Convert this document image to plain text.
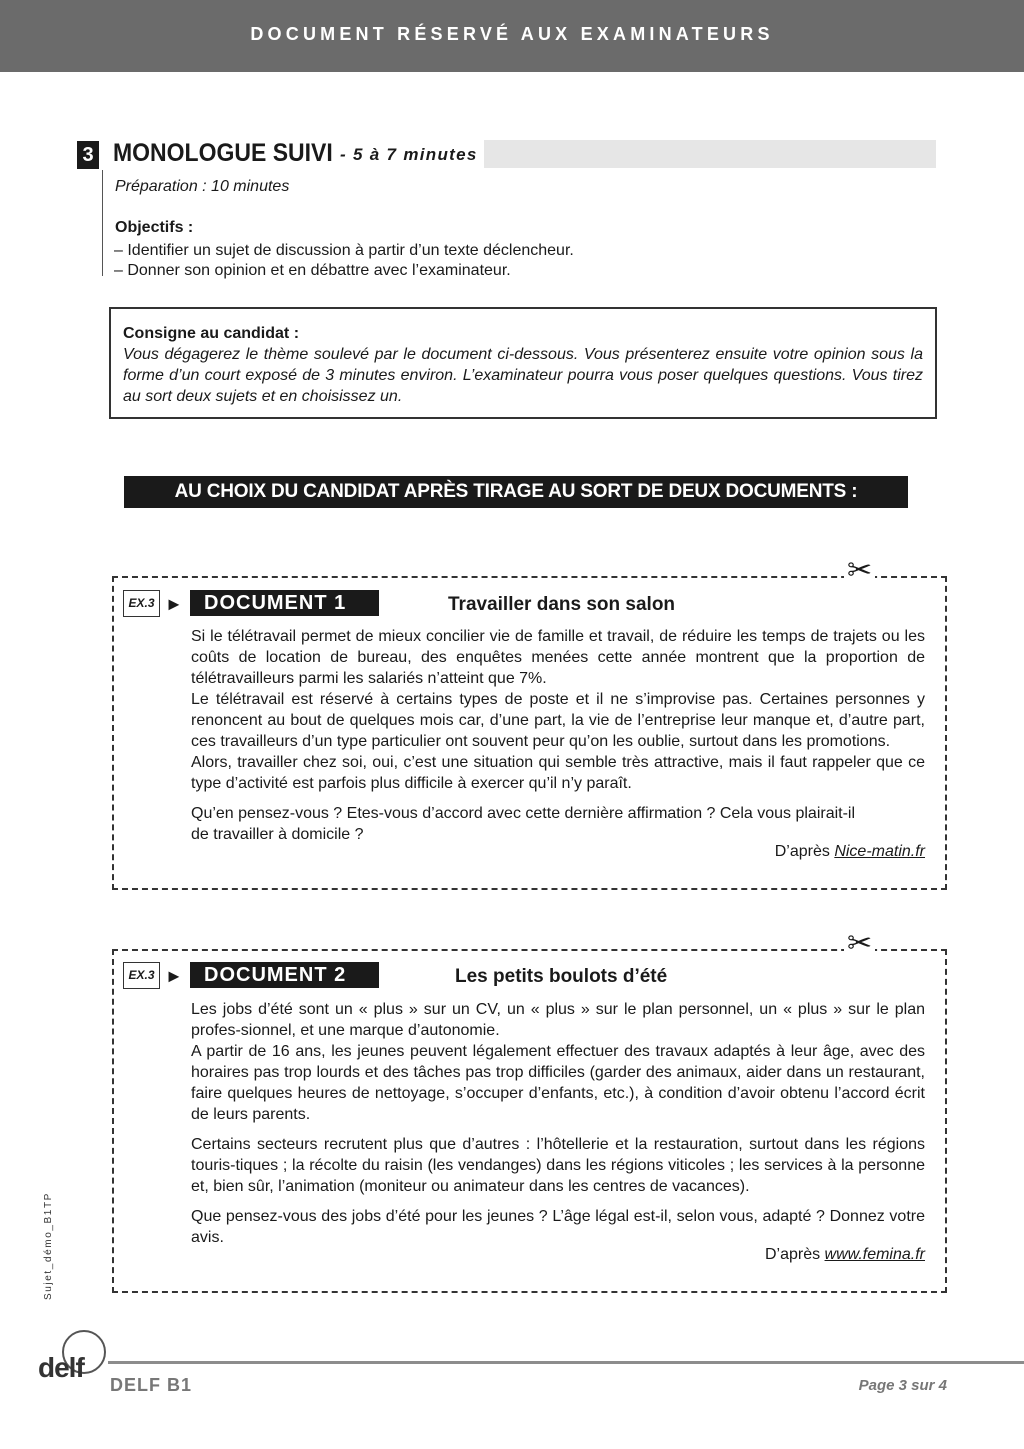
DOCUMENT RÉSERVÉ AUX EXAMINATEURS
3 MONOLOGUE SUIVI - 5 à 7 minutes
Préparation : 10 minutes
Objectifs :
– Identifier un sujet de discussion à partir d’un texte déclencheur.
– Donner son opinion et en débattre avec l’examinateur.
Consigne au candidat :
Vous dégagerez le thème soulevé par le document ci-dessous. Vous présenterez ensuite votre opinion sous la forme d’un court exposé de 3 minutes environ. L’examinateur pourra vous poser quelques questions. Vous tirez au sort deux sujets et en choisissez un.
AU CHOIX DU CANDIDAT APRÈS TIRAGE AU SORT DE DEUX DOCUMENTS :
✂
EX.3 ►	DOCUMENT 1	Travailler dans son salon

Si le télétravail permet de mieux concilier vie de famille et travail, de réduire les temps de trajets ou les coûts de location de bureau, des enquêtes menées cette année montrent que la proportion de télétravailleurs parmi les salariés n’atteint que 7%.

Le télétravail est réservé à certains types de poste et il ne s’improvise pas. Certaines personnes y renoncent au bout de quelques mois car, d’une part, la vie de l’entreprise leur manque et, d’autre part, ces travailleurs d’un type particulier ont souvent peur qu’on les oublie, surtout dans les promotions.

Alors, travailler chez soi, oui, c’est une situation qui semble très attractive, mais il faut rappeler que ce type d’activité est parfois plus difficile à exercer qu’il n’y paraît.

Qu’en pensez-vous ? Etes-vous d’accord avec cette dernière affirmation ? Cela vous plairait-il de travailler à domicile ?

D’après Nice-matin.fr
✂
EX.3 ►	DOCUMENT 2	Les petits boulots d’été

Les jobs d’été sont un « plus » sur un CV, un « plus » sur le plan personnel, un « plus » sur le plan profes-sionnel, et une marque d’autonomie.

A partir de 16 ans, les jeunes peuvent légalement effectuer des travaux adaptés à leur âge, avec des horaires pas trop lourds et des tâches pas trop difficiles (garder des animaux, aider dans un restaurant, faire quelques heures de nettoyage, s’occuper d’enfants, etc.), à condition d’avoir obtenu l’accord écrit de leurs parents.

Certains secteurs recrutent plus que d’autres : l’hôtellerie et la restauration, surtout dans les régions touris-tiques ; la récolte du raisin (les vendanges) dans les régions viticoles ; les services à la personne et, bien sûr, l’animation (moniteur ou animateur dans les centres de vacances).

Que pensez-vous des jobs d’été pour les jeunes ? L’âge légal est-il, selon vous, adapté ? Donnez votre avis.

D’après www.femina.fr
Sujet_démo_B1TP
delf
DELF B1	Page 3 sur 4
